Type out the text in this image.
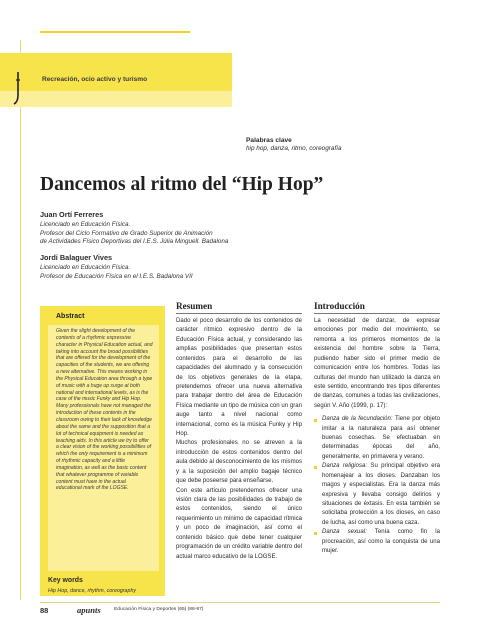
Recreación, ocio activo y turismo
Palabras clave
hip hop, danza, ritmo, coreografía
Dancemos al ritmo del “Hip Hop”
Juan Ortí Ferreres
Licenciado en Educación Física.
Profesor del Ciclo Formativo de Grado Superior de Animación
de Actividades Físico Deportivas del I.E.S. Júlia Minguell. Badalona
Jordi Balaguer Vives
Licenciado en Educación Física.
Profesor de Educación Física en el I.E.S. Badalona VII
Abstract
Given the slight development of the contents of a rhythmic expressive character in Physical Education actual, and taking into account the broad possibilities that are offered for the development of the capacities of the students, we are offering a new alternative. This means working in the Physical Education area through a type of music with a huge up surge at both national and international levels, as is the case of the music Funky and Hip Hop. Many professionals have not managed the introduction of these contents in the classroom owing to their lack of knowledge about the same and the supposition that a lot of technical equipment is needed as teaching aids. In this article we try to offer a clear vision of the working possibilities of which the only requirement is a minimum of rhythmic capacity and a little imagination, as well as the basic content that whatever programme of variable content must have in the actual educational mark of the LOGSE.
Key words
Hip Hop, dance, rhythm, coreography
Resumen

Dado el poco desarrollo de los contenidos de carácter rítmico expresivo dentro de la Educación Física actual, y considerando las amplias posibilidades que presentan estos contenidos para el desarrollo de las capacidades del alumnado y la consecución de los objetivos generales de la etapa, pretendemos ofrecer una nueva alternativa para trabajar dentro del área de Educación Física mediante un tipo de música con un gran auge tanto a nivel nacional como internacional, como es la música Funky y Hip Hop.

Muchos profesionales no se atreven a la introducción de estos contenidos dentro del aula debido al desconocimiento de los mismos y a la suposición del amplio bagaje técnico que debe poseerse para enseñarse.

Con este artículo pretendemos ofrecer una visión clara de las posibilidades de trabajo de estos contenidos, siendo el único requerimiento un mínimo de capacidad rítmica y un poco de imaginación, así como el contenido básico que debe tener cualquier programación de un crédito variable dentro del actual marco educativo de la LOGSE.

Introducción

La necesidad de danzar, de expresar emociones por medio del movimiento, se remonta a los primeros momentos de la existencia del hombre sobre la Tierra, pudiendo haber sido el primer medio de comunicación entre los hombres. Todas las culturas del mundo han utilizado la danza en este sentido, encontrando tres tipos diferentes de danzas, comunes a todas las civilizaciones, según V. Año (1999, p. 17):

Danza de la fecundación: Tiene por objeto imitar a la naturaleza para así obtener buenas cosechas. Se efectuaban en determinadas épocas del año, generalmente, en primavera y verano.
Danza religiosa: Su principal objetivo era homenajear a los dioses. Danzaban los magos y especialistas. Era la danza más expresiva y llevaba consigo delirios y situaciones de éxtasis. En esta también se solicitaba protección a los dioses, en caso de lucha, así como una buena caza.
Danza sexual: Tenía como fin la procreación, así como la conquista de una mujer.
88	apunts	Educación Física y Deportes (65) (88-97)
